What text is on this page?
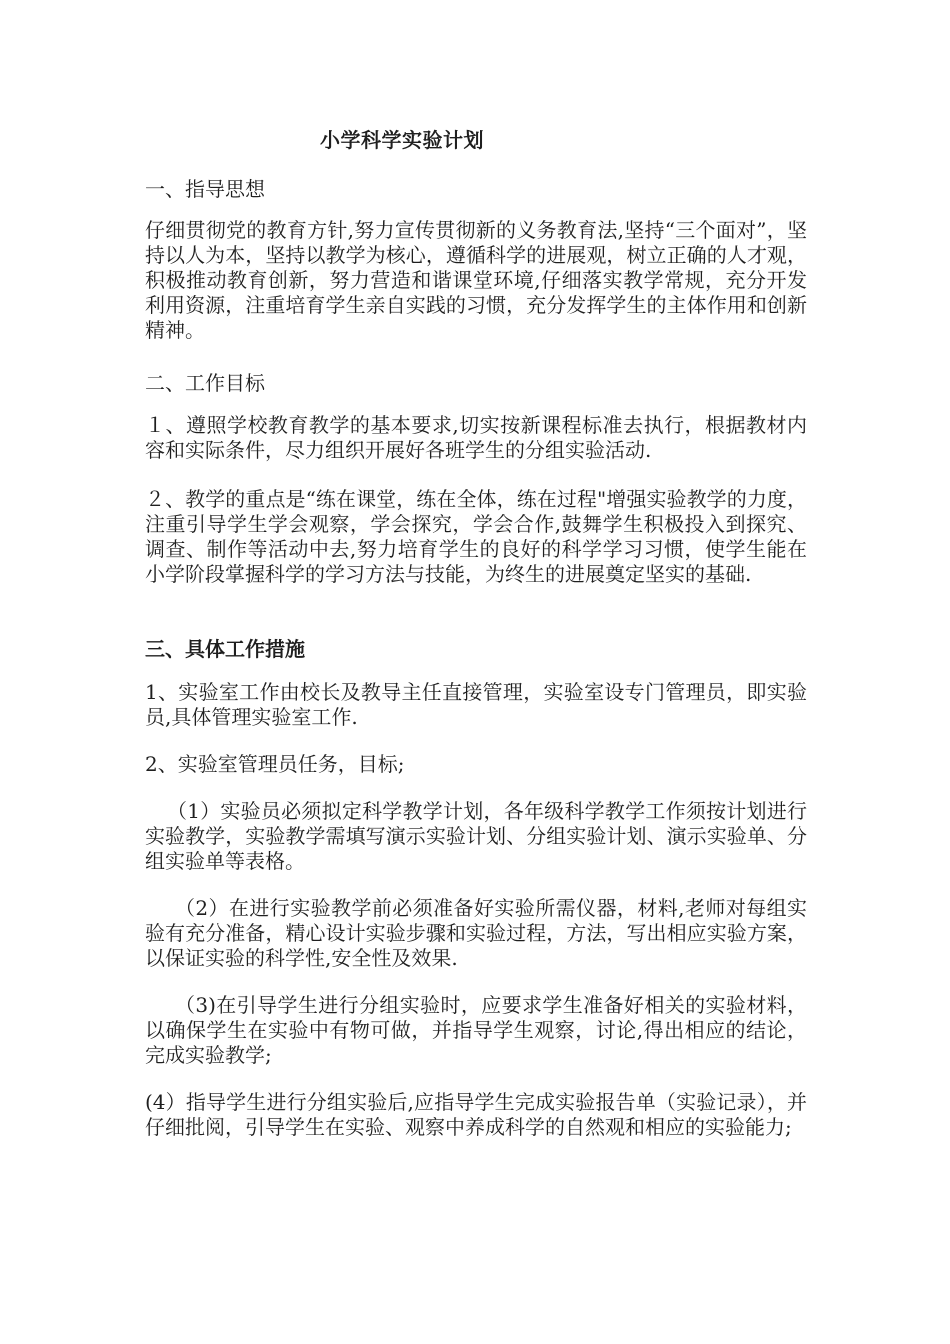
小学科学实验计划
一、指导思想

仔细贯彻党的教育方针,努力宣传贯彻新的义务教育法,坚持“三个面对”，坚持以人为本，坚持以教学为核心，遵循科学的进展观，树立正确的人才观，积极推动教育创新，努力营造和谐课堂环境,仔细落实教学常规，充分开发利用资源，注重培育学生亲自实践的习惯，充分发挥学生的主体作用和创新精神。

二、工作目标

１、遵照学校教育教学的基本要求,切实按新课程标准去执行，根据教材内容和实际条件，尽力组织开展好各班学生的分组实验活动.

２、教学的重点是“练在课堂，练在全体，练在过程"增强实验教学的力度，注重引导学生学会观察，学会探究，学会合作,鼓舞学生积极投入到探究、调查、制作等活动中去,努力培育学生的良好的科学学习习惯，使学生能在小学阶段掌握科学的学习方法与技能，为终生的进展奠定坚实的基础.

三、具体工作措施

1、实验室工作由校长及教导主任直接管理，实验室设专门管理员，即实验员,具体管理实验室工作.

2、实验室管理员任务，目标;

（1）实验员必须拟定科学教学计划，各年级科学教学工作须按计划进行实验教学，实验教学需填写演示实验计划、分组实验计划、演示实验单、分组实验单等表格。

（2）在进行实验教学前必须准备好实验所需仪器，材料,老师对每组实验有充分准备，精心设计实验步骤和实验过程，方法，写出相应实验方案，以保证实验的科学性,安全性及效果.

（3)在引导学生进行分组实验时，应要求学生准备好相关的实验材料，以确保学生在实验中有物可做，并指导学生观察，讨论,得出相应的结论，完成实验教学;

(4）指导学生进行分组实验后,应指导学生完成实验报告单（实验记录），并仔细批阅，引导学生在实验、观察中养成科学的自然观和相应的实验能力;
